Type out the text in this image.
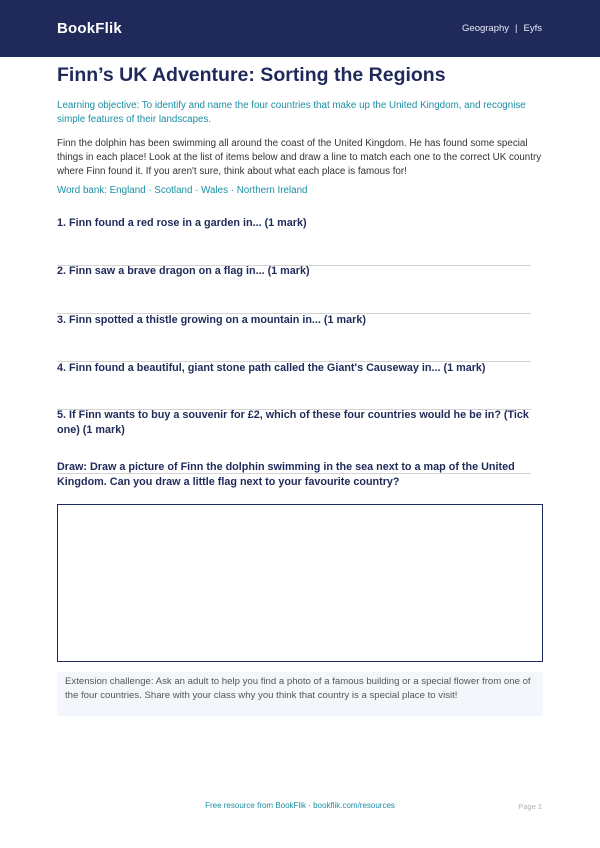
BookFlik	Geography | Eyfs
Finn’s UK Adventure: Sorting the Regions

Learning objective: To identify and name the four countries that make up the United Kingdom, and recognise simple features of their landscapes.

Finn the dolphin has been swimming all around the coast of the United Kingdom. He has found some special things in each place! Look at the list of items below and draw a line to match each one to the correct UK country where Finn found it. If you aren't sure, think about what each place is famous for!

Word bank: England · Scotland · Wales · Northern Ireland

1. Finn found a red rose in a garden in... (1 mark)

2. Finn saw a brave dragon on a flag in... (1 mark)

3. Finn spotted a thistle growing on a mountain in... (1 mark)

4. Finn found a beautiful, giant stone path called the Giant's Causeway in... (1 mark)

5. If Finn wants to buy a souvenir for £2, which of these four countries would he be in? (Tick one) (1 mark)

Draw: Draw a picture of Finn the dolphin swimming in the sea next to a map of the United Kingdom. Can you draw a little flag next to your favourite country?

Extension challenge: Ask an adult to help you find a photo of a famous building or a special flower from one of the four countries. Share with your class why you think that country is a special place to visit!
Free resource from BookFlik · bookflik.com/resources	Page 1
